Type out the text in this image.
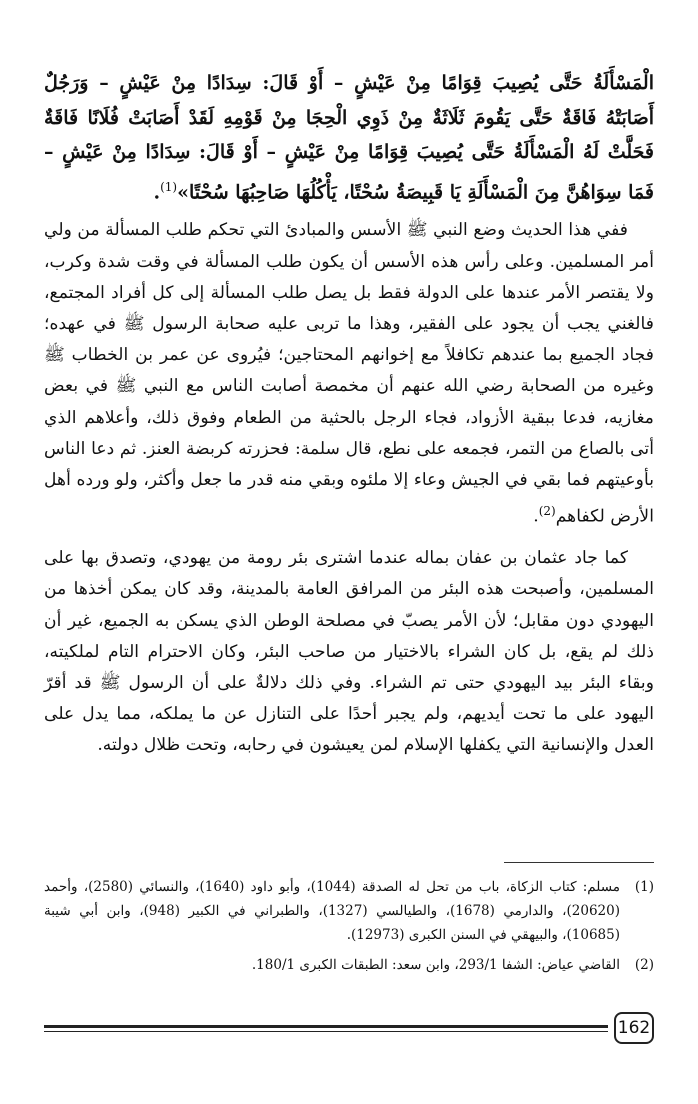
الْمَسْأَلَةُ حَتَّى يُصِيبَ قِوَامًا مِنْ عَيْشٍ – أَوْ قَالَ: سِدَادًا مِنْ عَيْشٍ – وَرَجُلٌ أَصَابَتْهُ فَاقَةٌ حَتَّى يَقُومَ ثَلَاثَةٌ مِنْ ذَوِي الْحِجَا مِنْ قَوْمِهِ لَقَدْ أَصَابَتْ فُلَانًا فَاقَةٌ فَحَلَّتْ لَهُ الْمَسْأَلَةُ حَتَّى يُصِيبَ قِوَامًا مِنْ عَيْشٍ – أَوْ قَالَ: سِدَادًا مِنْ عَيْشٍ – فَمَا سِوَاهُنَّ مِنَ الْمَسْأَلَةِ يَا قَبِيصَةُ سُحْتًا، يَأْكُلُهَا صَاحِبُهَا سُحْتًا»$^{(1)}$.

ففي هذا الحديث وضع النبي ﷺ الأسس والمبادئ التي تحكم طلب المسألة من ولي أمر المسلمين. وعلى رأس هذه الأسس أن يكون طلب المسألة في وقت شدة وكرب، ولا يقتصر الأمر عندها على الدولة فقط بل يصل طلب المسألة إلى كل أفراد المجتمع، فالغني يجب أن يجود على الفقير، وهذا ما تربى عليه صحابة الرسول ﷺ في عهده؛ فجاد الجميع بما عندهم تكافلاً مع إخوانهم المحتاجين؛ فيُروى عن عمر بن الخطاب ﷺ وغيره من الصحابة رضي الله عنهم أن مخمصة أصابت الناس مع النبي ﷺ في بعض مغازيه، فدعا ببقية الأزواد، فجاء الرجل بالحثية من الطعام وفوق ذلك، وأعلاهم الذي أتى بالصاع من التمر، فجمعه على نطع، قال سلمة: فحزرته كربضة العنز. ثم دعا الناس بأوعيتهم فما بقي في الجيش وعاء إلا ملئوه وبقي منه قدر ما جعل وأكثر، ولو ورده أهل الأرض لكفاهم$^{(2)}$.

كما جاد عثمان بن عفان بماله عندما اشترى بئر رومة من يهودي، وتصدق بها على المسلمين، وأصبحت هذه البئر من المرافق العامة بالمدينة، وقد كان يمكن أخذها من اليهودي دون مقابل؛ لأن الأمر يصبّ في مصلحة الوطن الذي يسكن به الجميع، غير أن ذلك لم يقع، بل كان الشراء بالاختيار من صاحب البئر، وكان الاحترام التام لملكيته، وبقاء البئر بيد اليهودي حتى تم الشراء. وفي ذلك دلالةٌ على أن الرسول ﷺ قد أقرّ اليهود على ما تحت أيديهم، ولم يجبر أحدًا على التنازل عن ما يملكه، مما يدل على العدل والإنسانية التي يكفلها الإسلام لمن يعيشون في رحابه، وتحت ظلال دولته.

(1)
مسلم: كتاب الزكاة، باب من تحل له الصدقة (1044)، وأبو داود (1640)، والنسائي (2580)، وأحمد (20620)، والدارمي (1678)، والطيالسي (1327)، والطبراني في الكبير (948)، وابن أبي شيبة (10685)، والبيهقي في السنن الكبرى (12973).
(2)
القاضي عياض: الشفا 293/1، وابن سعد: الطبقات الكبرى 180/1.
162
